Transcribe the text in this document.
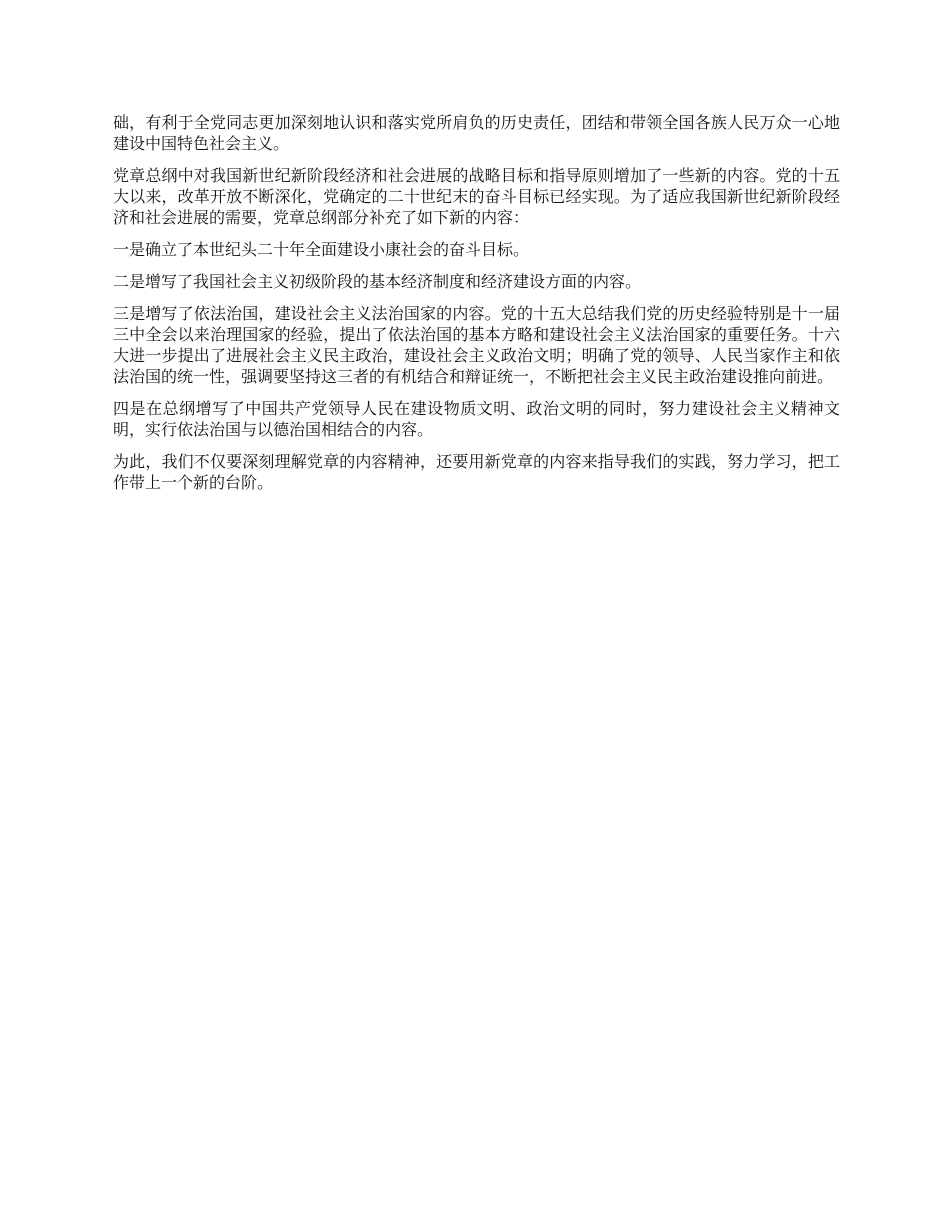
础，有利于全党同志更加深刻地认识和落实党所肩负的历史责任，团结和带领全国各族人民万众一心地建设中国特色社会主义。

党章总纲中对我国新世纪新阶段经济和社会进展的战略目标和指导原则增加了一些新的内容。党的十五大以来，改革开放不断深化，党确定的二十世纪末的奋斗目标已经实现。为了适应我国新世纪新阶段经济和社会进展的需要，党章总纲部分补充了如下新的内容：

一是确立了本世纪头二十年全面建设小康社会的奋斗目标。

二是增写了我国社会主义初级阶段的基本经济制度和经济建设方面的内容。

三是增写了依法治国，建设社会主义法治国家的内容。党的十五大总结我们党的历史经验特别是十一届三中全会以来治理国家的经验，提出了依法治国的基本方略和建设社会主义法治国家的重要任务。十六大进一步提出了进展社会主义民主政治，建设社会主义政治文明；明确了党的领导、人民当家作主和依法治国的统一性，强调要坚持这三者的有机结合和辩证统一，不断把社会主义民主政治建设推向前进。

四是在总纲增写了中国共产党领导人民在建设物质文明、政治文明的同时，努力建设社会主义精神文明，实行依法治国与以德治国相结合的内容。

为此，我们不仅要深刻理解党章的内容精神，还要用新党章的内容来指导我们的实践，努力学习，把工作带上一个新的台阶。
